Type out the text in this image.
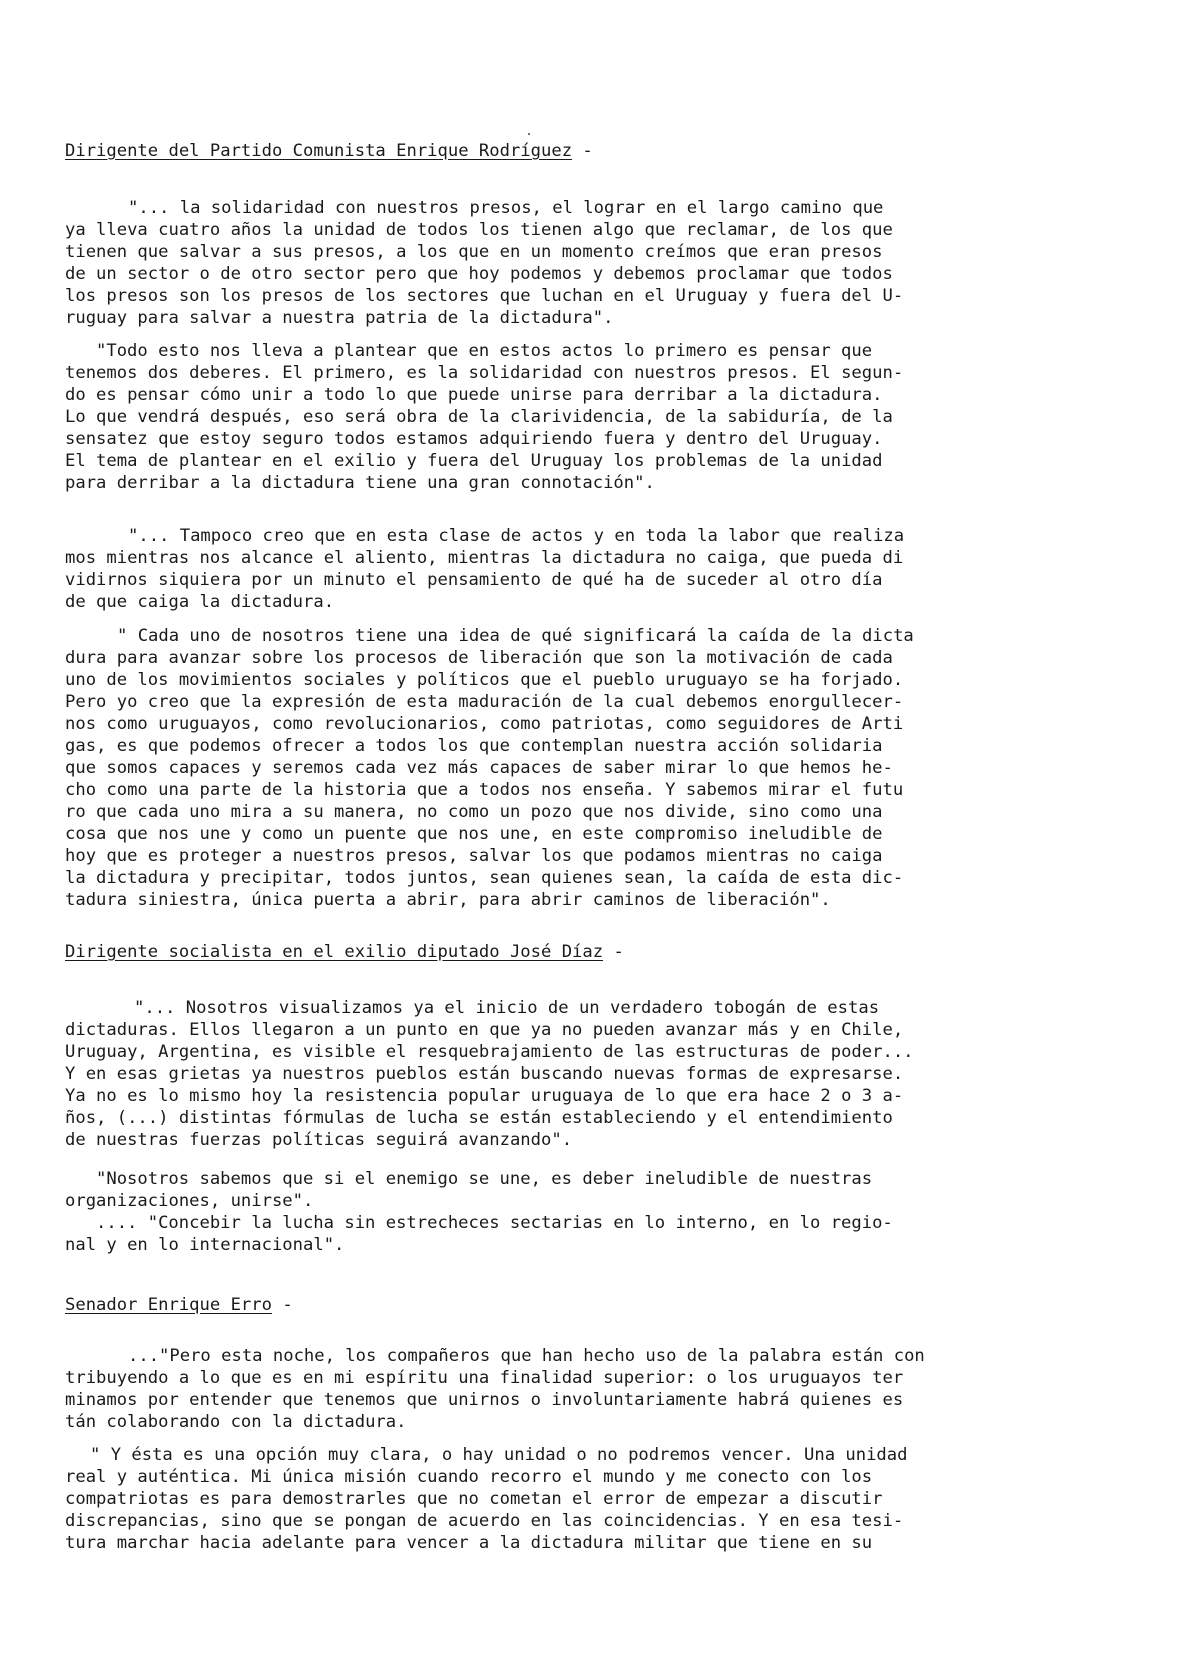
Dirigente del Partido Comunista Enrique Rodríguez -
"... la solidaridad con nuestros presos, el lograr en el largo camino que
ya lleva cuatro años la unidad de todos los tienen algo que reclamar, de los que
tienen que salvar a sus presos, a los que en un momento creímos que eran presos
de un sector o de otro sector pero que hoy podemos y debemos proclamar que todos
los presos son los presos de los sectores que luchan en el Uruguay y fuera del U-
ruguay para salvar a nuestra patria de la dictadura".
"Todo esto nos lleva a plantear que en estos actos lo primero es pensar que
tenemos dos deberes. El primero, es la solidaridad con nuestros presos. El segun-
do es pensar cómo unir a todo lo que puede unirse para derribar a la dictadura.
Lo que vendrá después, eso será obra de la clarividencia, de la sabiduría, de la
sensatez que estoy seguro todos estamos adquiriendo fuera y dentro del Uruguay.
El tema de plantear en el exilio y fuera del Uruguay los problemas de la unidad
para derribar a la dictadura tiene una gran connotación".
"... Tampoco creo que en esta clase de actos y en toda la labor que realiza
mos mientras nos alcance el aliento, mientras la dictadura no caiga, que pueda di
vidirnos siquiera por un minuto el pensamiento de qué ha de suceder al otro día
de que caiga la dictadura.
" Cada uno de nosotros tiene una idea de qué significará la caída de la dicta
dura para avanzar sobre los procesos de liberación que son la motivación de cada
uno de los movimientos sociales y políticos que el pueblo uruguayo se ha forjado.
Pero yo creo que la expresión de esta maduración de la cual debemos enorgullecer-
nos como uruguayos, como revolucionarios, como patriotas, como seguidores de Arti
gas, es que podemos ofrecer a todos los que contemplan nuestra acción solidaria
que somos capaces y seremos cada vez más capaces de saber mirar lo que hemos he-
cho como una parte de la historia que a todos nos enseña. Y sabemos mirar el futu
ro que cada uno mira a su manera, no como un pozo que nos divide, sino como una
cosa que nos une y como un puente que nos une, en este compromiso ineludible de
hoy que es proteger a nuestros presos, salvar los que podamos mientras no caiga
la dictadura y precipitar, todos juntos, sean quienes sean, la caída de esta dic-
tadura siniestra, única puerta a abrir, para abrir caminos de liberación".
Dirigente socialista en el exilio diputado José Díaz -
"... Nosotros visualizamos ya el inicio de un verdadero tobogán de estas
dictaduras. Ellos llegaron a un punto en que ya no pueden avanzar más y en Chile,
Uruguay, Argentina, es visible el resquebrajamiento de las estructuras de poder...
Y en esas grietas ya nuestros pueblos están buscando nuevas formas de expresarse.
Ya no es lo mismo hoy la resistencia popular uruguaya de lo que era hace 2 o 3 a-
ños, (...) distintas fórmulas de lucha se están estableciendo y el entendimiento
de nuestras fuerzas políticas seguirá avanzando".
"Nosotros sabemos que si el enemigo se une, es deber ineludible de nuestras
organizaciones, unirse".
.... "Concebir la lucha sin estrecheces sectarias en lo interno, en lo regio-
nal y en lo internacional".
Senador Enrique Erro -
..."Pero esta noche, los compañeros que han hecho uso de la palabra están con
tribuyendo a lo que es en mi espíritu una finalidad superior: o los uruguayos ter
minamos por entender que tenemos que unirnos o involuntariamente habrá quienes es
tán colaborando con la dictadura.
" Y ésta es una opción muy clara, o hay unidad o no podremos vencer. Una unidad
real y auténtica. Mi única misión cuando recorro el mundo y me conecto con los
compatriotas es para demostrarles que no cometan el error de empezar a discutir
discrepancias, sino que se pongan de acuerdo en las coincidencias. Y en esa tesi-
tura marchar hacia adelante para vencer a la dictadura militar que tiene en su
